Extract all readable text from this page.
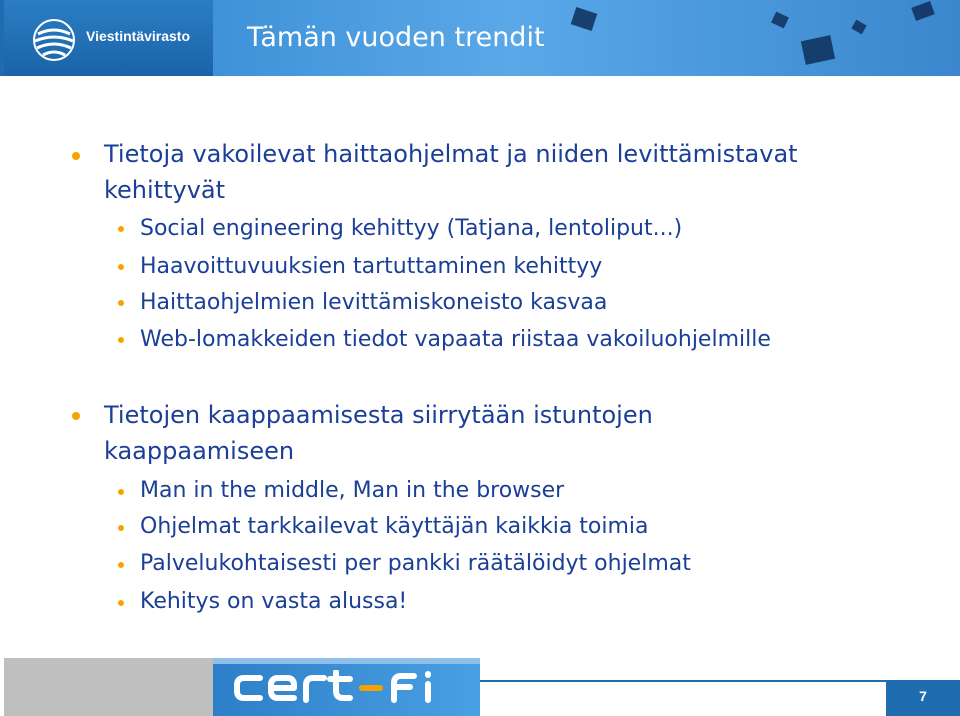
Viestintävirasto Tämän vuoden trendit
Tietoja vakoilevat haittaohjelmat ja niiden levittämistavat
kehittyvät
Social engineering kehittyy (Tatjana, lentoliput...)
Haavoittuvuuksien tartuttaminen kehittyy
Haittaohjelmien levittämiskoneisto kasvaa
Web-lomakkeiden tiedot vapaata riistaa vakoiluohjelmille
Tietojen kaappaamisesta siirrytään istuntojen
kaappaamiseen
Man in the middle, Man in the browser
Ohjelmat tarkkailevat käyttäjän kaikkia toimia
Palvelukohtaisesti per pankki räätälöidyt ohjelmat
Kehitys on vasta alussa!
7
